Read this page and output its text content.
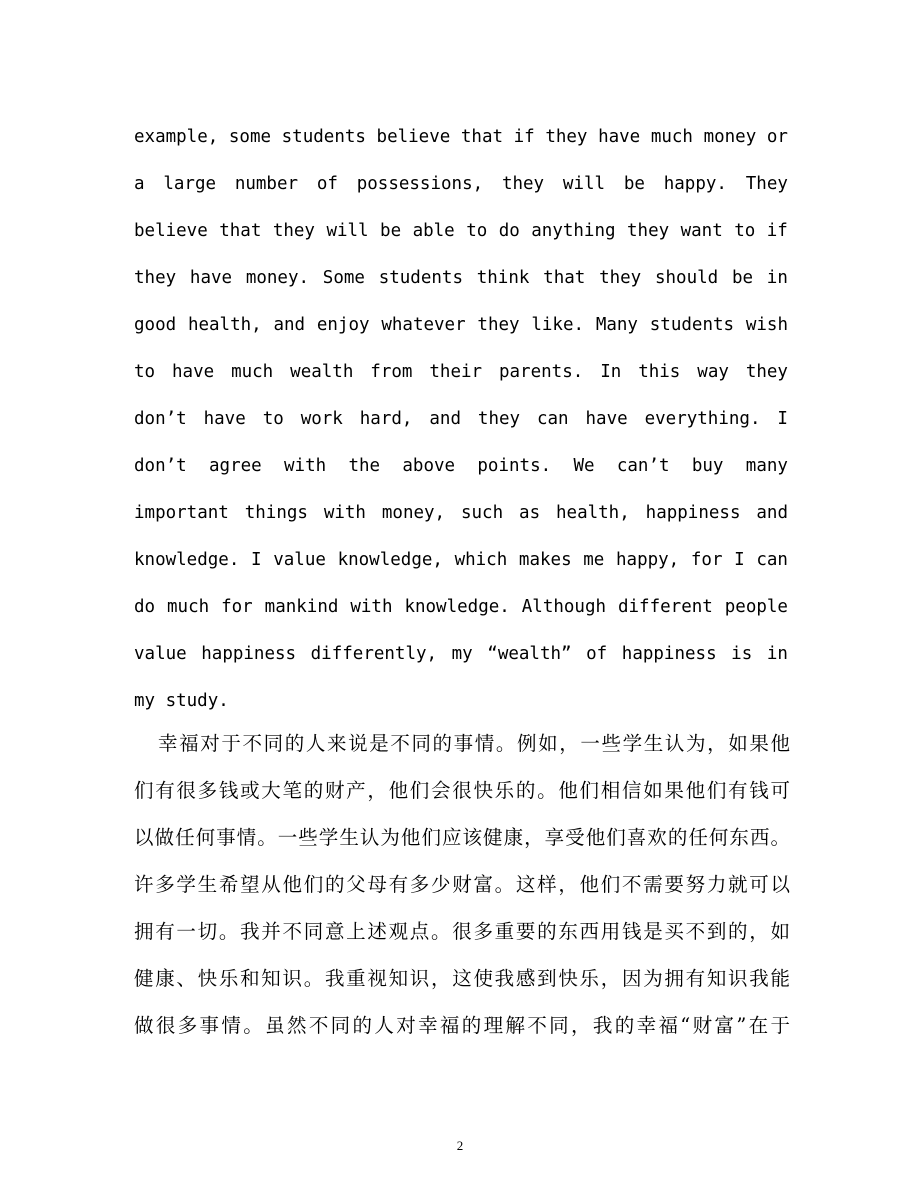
example, some students believe that if they have much money or
a large number of possessions, they will be happy. They
believe that they will be able to do anything they want to if
they have money. Some students think that they should be in
good health, and enjoy whatever they like. Many students wish
to have much wealth from their parents. In this way they
don’t have to work hard, and they can have everything. I
don’t agree with the above points. We can’t buy many
important things with money, such as health, happiness and
knowledge. I value knowledge, which makes me happy, for I can
do much for mankind with knowledge. Although different people
value happiness differently, my “wealth” of happiness is in
my study.
幸福对于不同的人来说是不同的事情。例如，一些学生认为，如果他
们有很多钱或大笔的财产，他们会很快乐的。他们相信如果他们有钱可
以做任何事情。一些学生认为他们应该健康，享受他们喜欢的任何东西。
许多学生希望从他们的父母有多少财富。这样，他们不需要努力就可以
拥有一切。我并不同意上述观点。很多重要的东西用钱是买不到的，如
健康、快乐和知识。我重视知识，这使我感到快乐，因为拥有知识我能
做很多事情。虽然不同的人对幸福的理解不同，我的幸福“财富”在于
2
